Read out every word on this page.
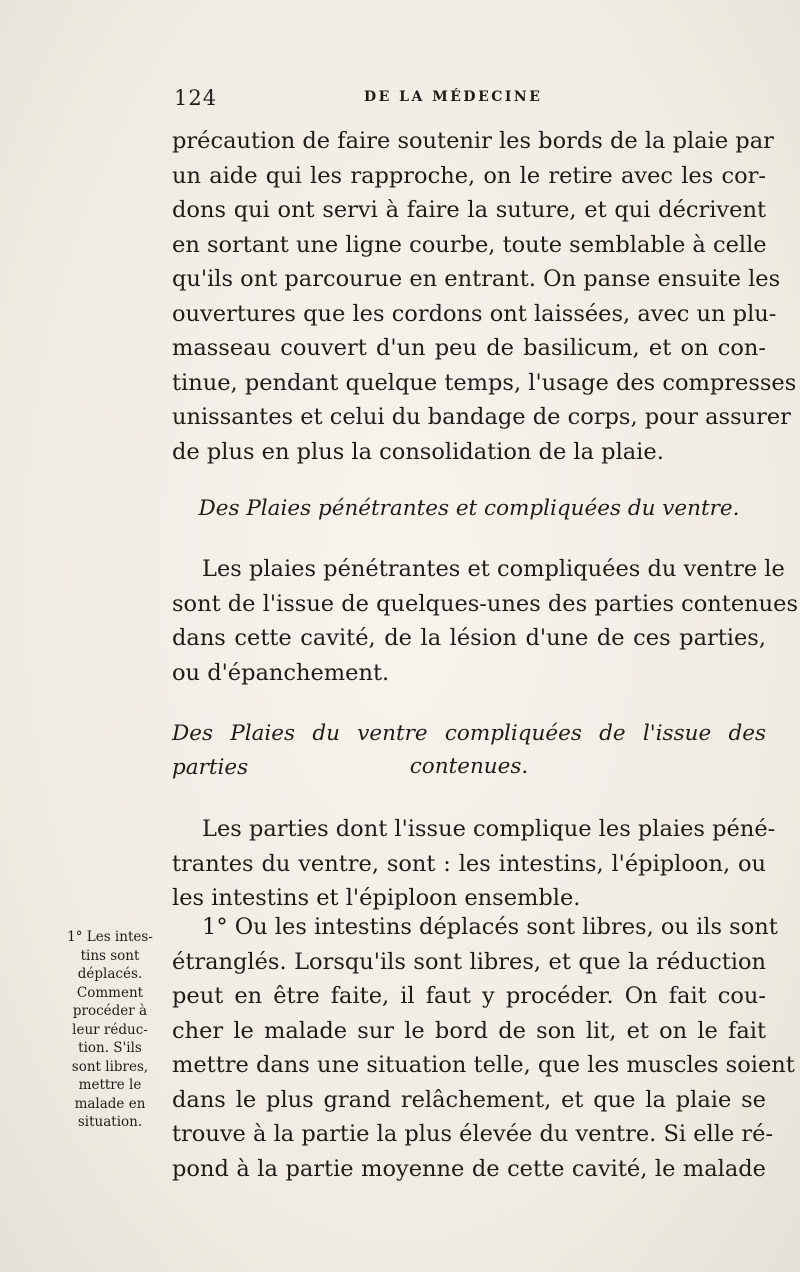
124	DE LA MÉDECINE
précaution de faire soutenir les bords de la plaie par
un aide qui les rapproche, on le retire avec les cor-
dons qui ont servi à faire la suture, et qui décrivent
en sortant une ligne courbe, toute semblable à celle
qu'ils ont parcourue en entrant. On panse ensuite les
ouvertures que les cordons ont laissées, avec un plu-
masseau couvert d'un peu de basilicum, et on con-
tinue, pendant quelque temps, l'usage des compresses
unissantes et celui du bandage de corps, pour assurer
de plus en plus la consolidation de la plaie.
Des Plaies pénétrantes et compliquées du ventre.
Les plaies pénétrantes et compliquées du ventre le
sont de l'issue de quelques-unes des parties contenues
dans cette cavité, de la lésion d'une de ces parties,
ou d'épanchement.
Des Plaies du ventre compliquées de l'issue des parties	contenues.
Les parties dont l'issue complique les plaies péné-
trantes du ventre, sont : les intestins, l'épiploon, ou
les intestins et l'épiploon ensemble.
1° Ou les intestins déplacés sont libres, ou ils sont
étranglés. Lorsqu'ils sont libres, et que la réduction
peut en être faite, il faut y procéder. On fait cou-
cher le malade sur le bord de son lit, et on le fait
mettre dans une situation telle, que les muscles soient
dans le plus grand relâchement, et que la plaie se
trouve à la partie la plus élevée du ventre. Si elle ré-
pond à la partie moyenne de cette cavité, le malade
1° Les intes-
tins sont
déplacés.
Comment
procéder à
leur réduc-
tion. S'ils
sont libres,
mettre le
malade en
situation.
